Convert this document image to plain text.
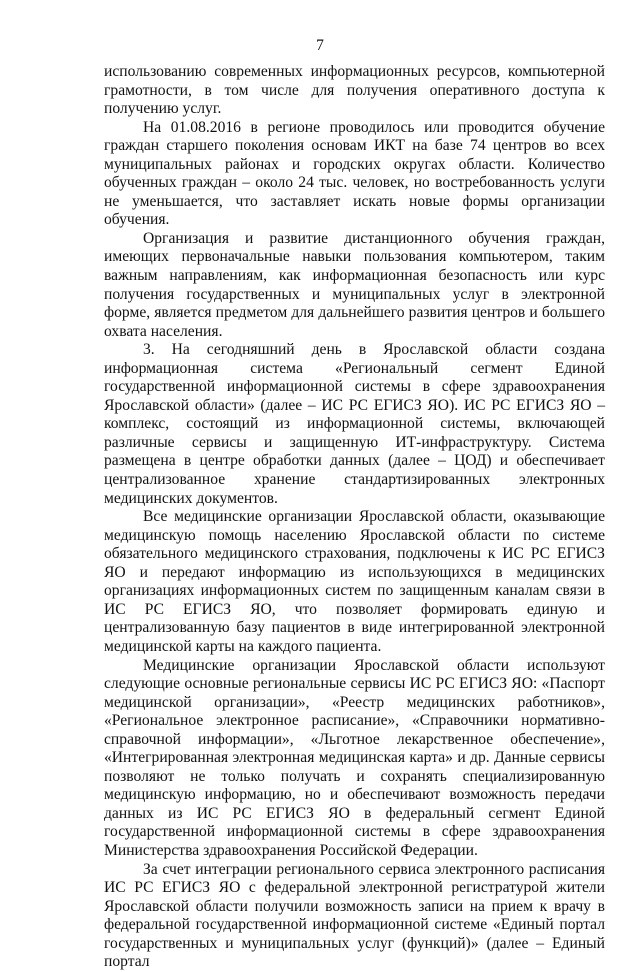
7

использованию современных информационных ресурсов, компьютерной грамотности, в том числе для получения оперативного доступа к получению услуг.

На 01.08.2016 в регионе проводилось или проводится обучение граждан старшего поколения основам ИКТ на базе 74 центров во всех муниципальных районах и городских округах области. Количество обученных граждан – около 24 тыс. человек, но востребованность услуги не уменьшается, что заставляет искать новые формы организации обучения.

Организация и развитие дистанционного обучения граждан, имеющих первоначальные навыки пользования компьютером, таким важным направлениям, как информационная безопасность или курс получения государственных и муниципальных услуг в электронной форме, является предметом для дальнейшего развития центров и большего охвата населения.

3. На сегодняшний день в Ярославской области создана информационная система «Региональный сегмент Единой государственной информационной системы в сфере здравоохранения Ярославской области» (далее – ИС РС ЕГИСЗ ЯО). ИС РС ЕГИСЗ ЯО – комплекс, состоящий из информационной системы, включающей различные сервисы и защищенную ИТ-инфраструктуру. Система размещена в центре обработки данных (далее – ЦОД) и обеспечивает централизованное хранение стандартизированных электронных медицинских документов.

Все медицинские организации Ярославской области, оказывающие медицинскую помощь населению Ярославской области по системе обязательного медицинского страхования, подключены к ИС РС ЕГИСЗ ЯО и передают информацию из использующихся в медицинских организациях информационных систем по защищенным каналам связи в ИС РС ЕГИСЗ ЯО, что позволяет формировать единую и централизованную базу пациентов в виде интегрированной электронной медицинской карты на каждого пациента.

Медицинские организации Ярославской области используют следующие основные региональные сервисы ИС РС ЕГИСЗ ЯО: «Паспорт медицинской организации», «Реестр медицинских работников», «Региональное электронное расписание», «Справочники нормативно-справочной информации», «Льготное лекарственное обеспечение», «Интегрированная электронная медицинская карта» и др. Данные сервисы позволяют не только получать и сохранять специализированную медицинскую информацию, но и обеспечивают возможность передачи данных из ИС РС ЕГИСЗ ЯО в федеральный сегмент Единой государственной информационной системы в сфере здравоохранения Министерства здравоохранения Российской Федерации.

За счет интеграции регионального сервиса электронного расписания ИС РС ЕГИСЗ ЯО с федеральной электронной регистратурой жители Ярославской области получили возможность записи на прием к врачу в федеральной государственной информационной системе «Единый портал государственных и муниципальных услуг (функций)» (далее – Единый портал
